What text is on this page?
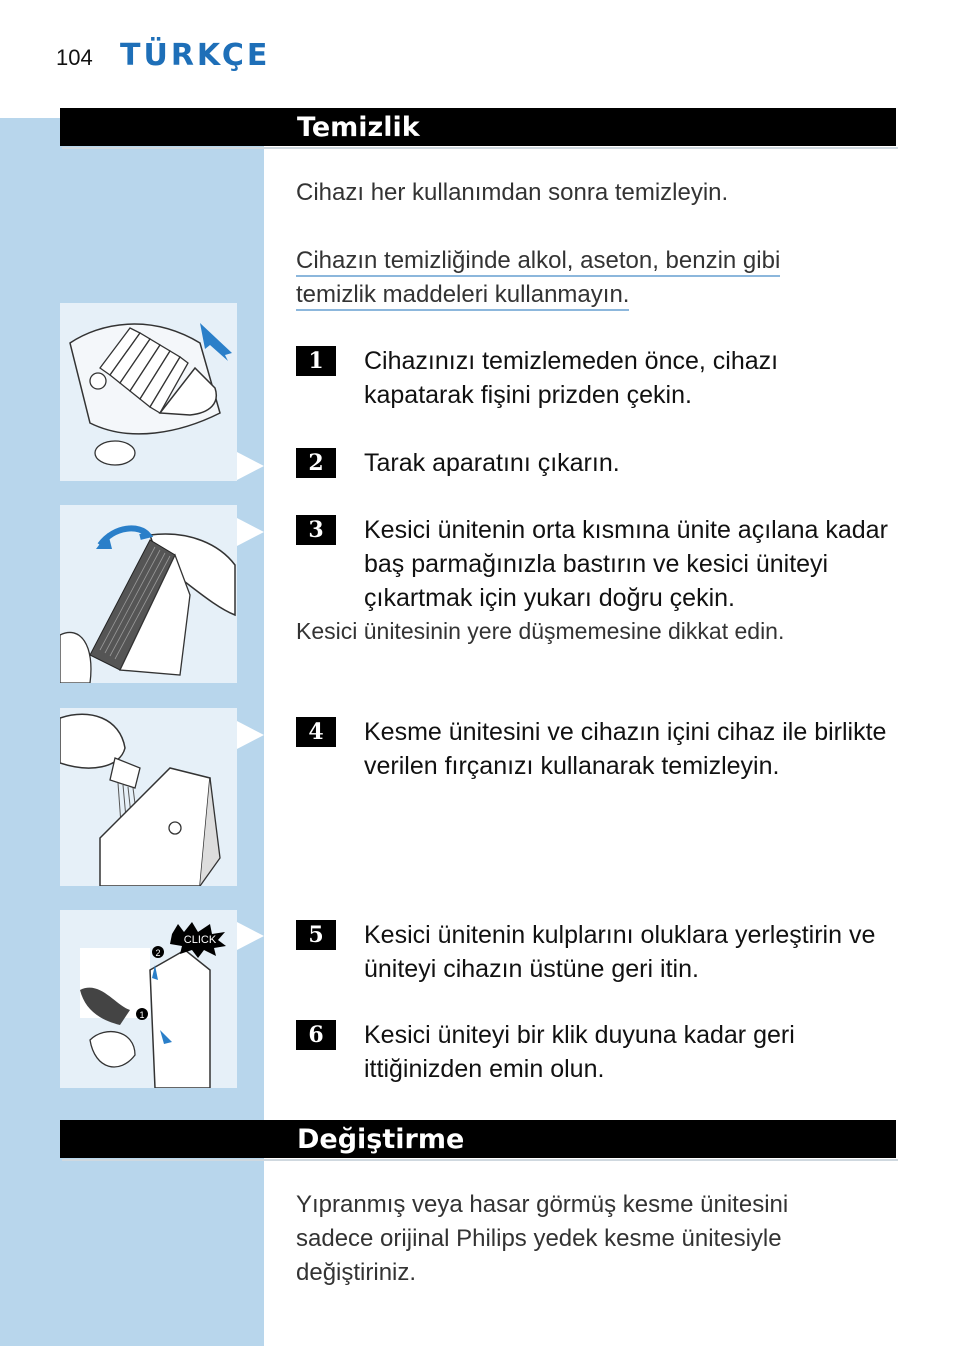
104 TÜRKÇE
Temizlik
Cihazı her kullanımdan sonra temizleyin.
Cihazın temizliğinde alkol, aseton, benzin gibi
temizlik maddeleri kullanmayın.
CLICK
2
1
1	Cihazınızı temizlemeden önce, cihazı kapatarak fişini prizden çekin.
2	Tarak aparatını çıkarın.
3	Kesici ünitenin orta kısmına ünite açılana kadar baş parmağınızla bastırın ve kesici üniteyi çıkartmak için yukarı doğru çekin.
Kesici ünitesinin yere düşmemesine dikkat edin.
4	Kesme ünitesini ve cihazın içini cihaz ile birlikte verilen fırçanızı kullanarak temizleyin.
5	Kesici ünitenin kulplarını oluklara yerleştirin ve üniteyi cihazın üstüne geri itin.
6	Kesici üniteyi bir klik duyuna kadar geri ittiğinizden emin olun.
Değiştirme
Yıpranmış veya hasar görmüş kesme ünitesini sadece orijinal Philips yedek kesme ünitesiyle değiştiriniz.
